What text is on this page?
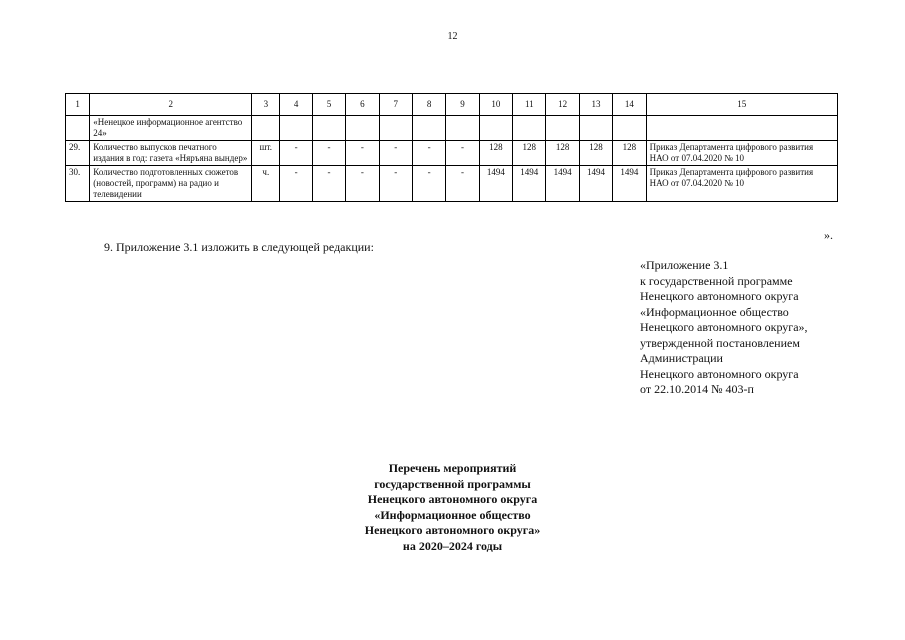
12
1	2	3	4	5	6	7	8	9	10	11	12	13	14	15
	«Ненецкое информационное агентство 24»													
29.	Количество выпусков печатного издания в год: газета «Няръяна вындер»	шт.	-	-	-	-	-	-	128	128	128	128	128	Приказ Департамента цифрового развития НАО от 07.04.2020 № 10
30.	Количество подготовленных сюжетов (новостей, программ) на радио и телевидении	ч.	-	-	-	-	-	-	1494	1494	1494	1494	1494	Приказ Департамента цифрового развития НАО от 07.04.2020 № 10
».
9. Приложение 3.1 изложить в следующей редакции:
«Приложение 3.1
к государственной программе
Ненецкого автономного округа
«Информационное общество
Ненецкого автономного округа»,
утвержденной постановлением
Администрации
Ненецкого автономного округа
от 22.10.2014 № 403-п
Перечень мероприятий
государственной программы
Ненецкого автономного округа
«Информационное общество
Ненецкого автономного округа»
на 2020–2024 годы
